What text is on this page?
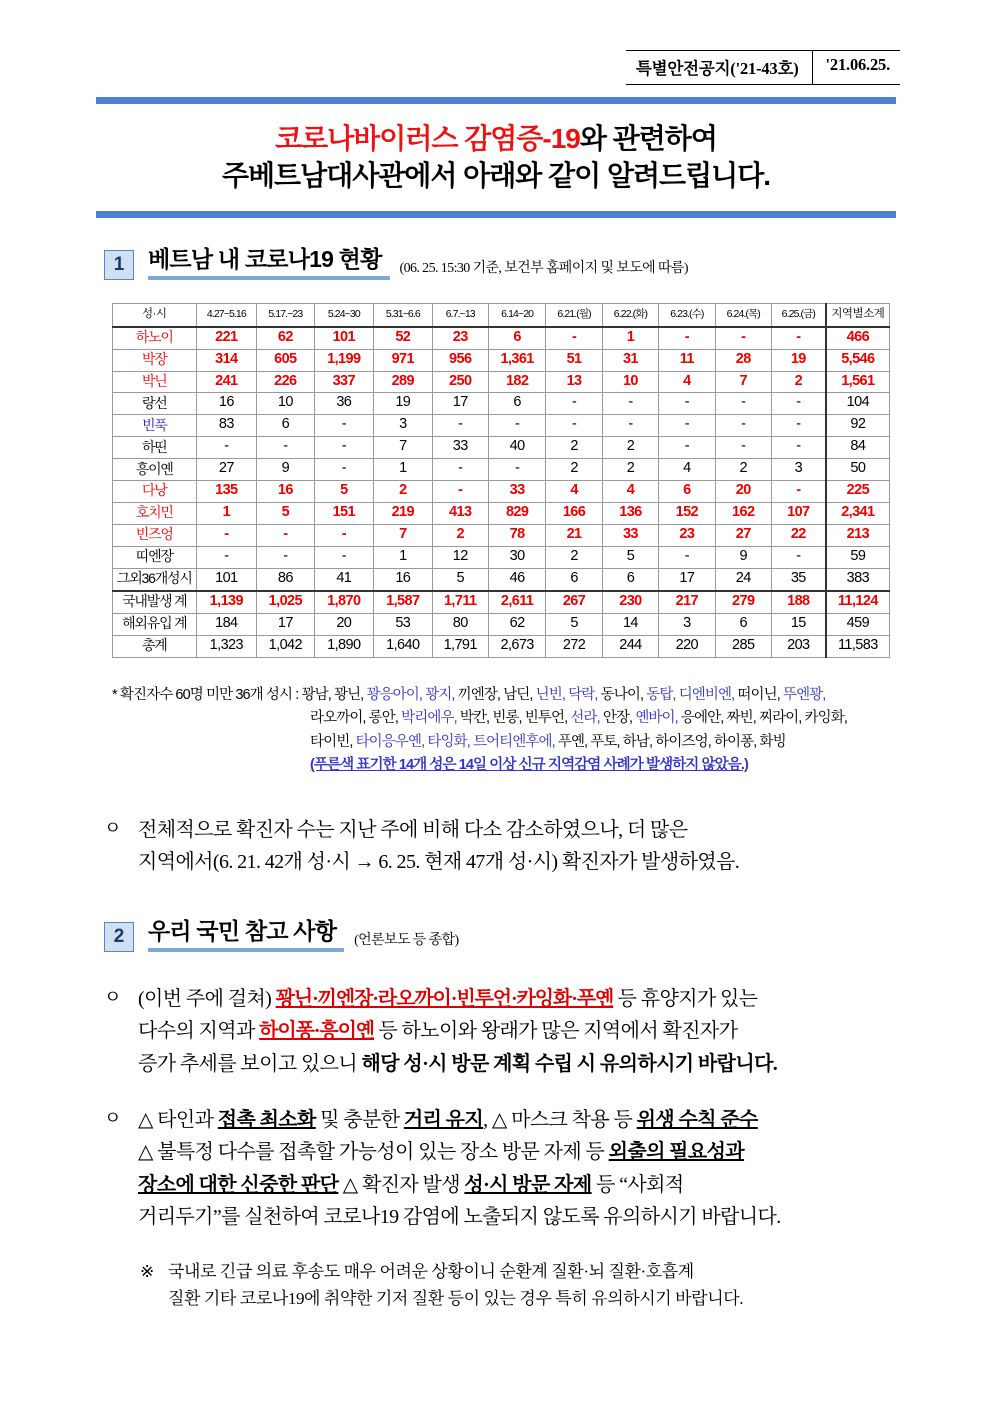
특별안전공지('21-43호)	'21.06.25.
코로나바이러스 감염증-19와 관련하여
주베트남대사관에서 아래와 같이 알려드립니다.
1	베트남 내 코로나19 현황	(06. 25. 15:30 기준, 보건부 홈페이지 및 보도에 따름)
성·시	4.27~5.16	5.17.~23	5.24~30	5.31~6.6	6.7.~13	6.14~20	6.21.(월)	6.22.(화)	6.23.(수)	6.24.(목)	6.25.(금)	지역별소계
하노이	221	62	101	52	23	6	-	1	-	-	-	466
박장	314	605	1,199	971	956	1,361	51	31	11	28	19	5,546
박닌	241	226	337	289	250	182	13	10	4	7	2	1,561
랑선	16	10	36	19	17	6	-	-	-	-	-	104
빈푹	83	6	-	3	-	-	-	-	-	-	-	92
하띤	-	-	-	7	33	40	2	2	-	-	-	84
흥이옌	27	9	-	1	-	-	2	2	4	2	3	50
다낭	135	16	5	2	-	33	4	4	6	20	-	225
호치민	1	5	151	219	413	829	166	136	152	162	107	2,341
빈즈엉	-	-	-	7	2	78	21	33	23	27	22	213
띠엔장	-	-	-	1	12	30	2	5	-	9	-	59
그외36개성시	101	86	41	16	5	46	6	6	17	24	35	383
국내발생 계	1,139	1,025	1,870	1,587	1,711	2,611	267	230	217	279	188	11,124
해외유입 계	184	17	20	53	80	62	5	14	3	6	15	459
총계	1,323	1,042	1,890	1,640	1,791	2,673	272	244	220	285	203	11,583
* 확진자수 60명 미만 36개 성시 : 꽝남, 꽝닌, 꽝응아이, 꽝지, 끼엔장, 남딘, 닌빈, 닥락, 동나이, 동탑, 디엔비엔, 떠이닌, 뚜엔꽝,
라오까이, 롱안, 박리에우, 박칸, 빈롱, 빈투언, 선라, 안장, 옌바이, 응에안, 짜빈, 찌라이, 카잉화,
타이빈, 타이응우옌, 타잉화, 트어티엔후에, 푸옌, 푸토, 하남, 하이즈엉, 하이퐁, 화빙
(푸른색 표기한 14개 성은 14일 이상 신규 지역감염 사례가 발생하지 않았음.)
ㅇ 전체적으로 확진자 수는 지난 주에 비해 다소 감소하였으나, 더 많은
지역에서(6. 21. 42개 성·시 → 6. 25. 현재 47개 성·시) 확진자가 발생하였음.
2	우리 국민 참고 사항	(언론보도 등 종합)
ㅇ (이번 주에 걸쳐) 꽝닌·끼엔장·라오까이·빈투언·카잉화·푸옌 등 휴양지가 있는
다수의 지역과 하이퐁·흥이옌 등 하노이와 왕래가 많은 지역에서 확진자가
증가 추세를 보이고 있으니 해당 성·시 방문 계획 수립 시 유의하시기 바랍니다.
ㅇ △ 타인과 접촉 최소화 및 충분한 거리 유지, △ 마스크 착용 등 위생 수칙 준수
△ 불특정 다수를 접촉할 가능성이 있는 장소 방문 자제 등 외출의 필요성과
장소에 대한 신중한 판단 △ 확진자 발생 성·시 방문 자제 등 “사회적
거리두기”를 실천하여 코로나19 감염에 노출되지 않도록 유의하시기 바랍니다.
※ 국내로 긴급 의료 후송도 매우 어려운 상황이니 순환계 질환·뇌 질환·호흡계
질환 기타 코로나19에 취약한 기저 질환 등이 있는 경우 특히 유의하시기 바랍니다.
